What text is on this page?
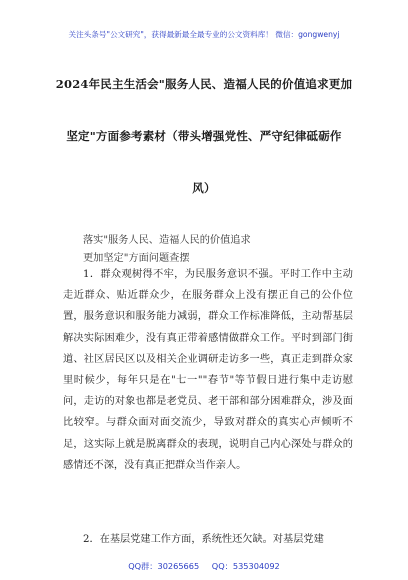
关注头条号"公文研究"，获得最新最全最专业的公文资料库！ 微信：gongwenyj
2024年民主生活会"服务人民、造福人民的价值追求更加
坚定"方面参考素材（带头增强党性、严守纪律砥砺作
风）
落实"服务人民、造福人民的价值追求
更加坚定"方面问题查摆

1．群众观树得不牢，为民服务意识不强。平时工作中主动走近群众、贴近群众少，在服务群众上没有摆正自己的公仆位置，服务意识和服务能力减弱，群众工作标准降低，主动帮基层解决实际困难少，没有真正带着感情做群众工作。平时到部门街道、社区居民区以及相关企业调研走访多一些，真正走到群众家里时候少，每年只是在"七一""春节"等节假日进行集中走访慰问，走访的对象也都是老党员、老干部和部分困难群众，涉及面比较窄。与群众面对面交流少，导致对群众的真实心声倾听不足，这实际上就是脱离群众的表现，说明自己内心深处与群众的感情还不深，没有真正把群众当作亲人。

2．在基层党建工作方面，系统性还欠缺。对基层党建

QQ群：30265665 QQ：535304092
